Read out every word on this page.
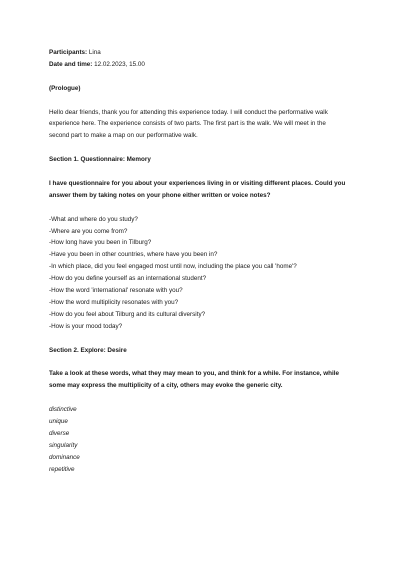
Participants: Lina
Date and time: 12.02.2023, 15.00

(Prologue)

Hello dear friends, thank you for attending this experience today. I will conduct the performative walk

experience here. The experience consists of two parts. The first part is the walk. We will meet in the

second part to make a map on our performative walk.

Section 1. Questionnaire: Memory

I have questionnaire for you about your experiences living in or visiting different places. Could you

answer them by taking notes on your phone either written or voice notes?

-What and where do you study?
-Where are you come from?
-How long have you been in Tilburg?
-Have you been in other countries, where have you been in?
-In which place, did you feel engaged most until now, including the place you call 'home'?
-How do you define yourself as an international student?
-How the word 'international' resonate with you?
-How the word multiplicity resonates with you?
-How do you feel about Tilburg and its cultural diversity?
-How is your mood today?

Section 2. Explore: Desire

Take a look at these words, what they may mean to you, and think for a while. For instance, while

some may express the multiplicity of a city, others may evoke the generic city.

distinctive
unique
diverse
singularity
dominance
repetitive
